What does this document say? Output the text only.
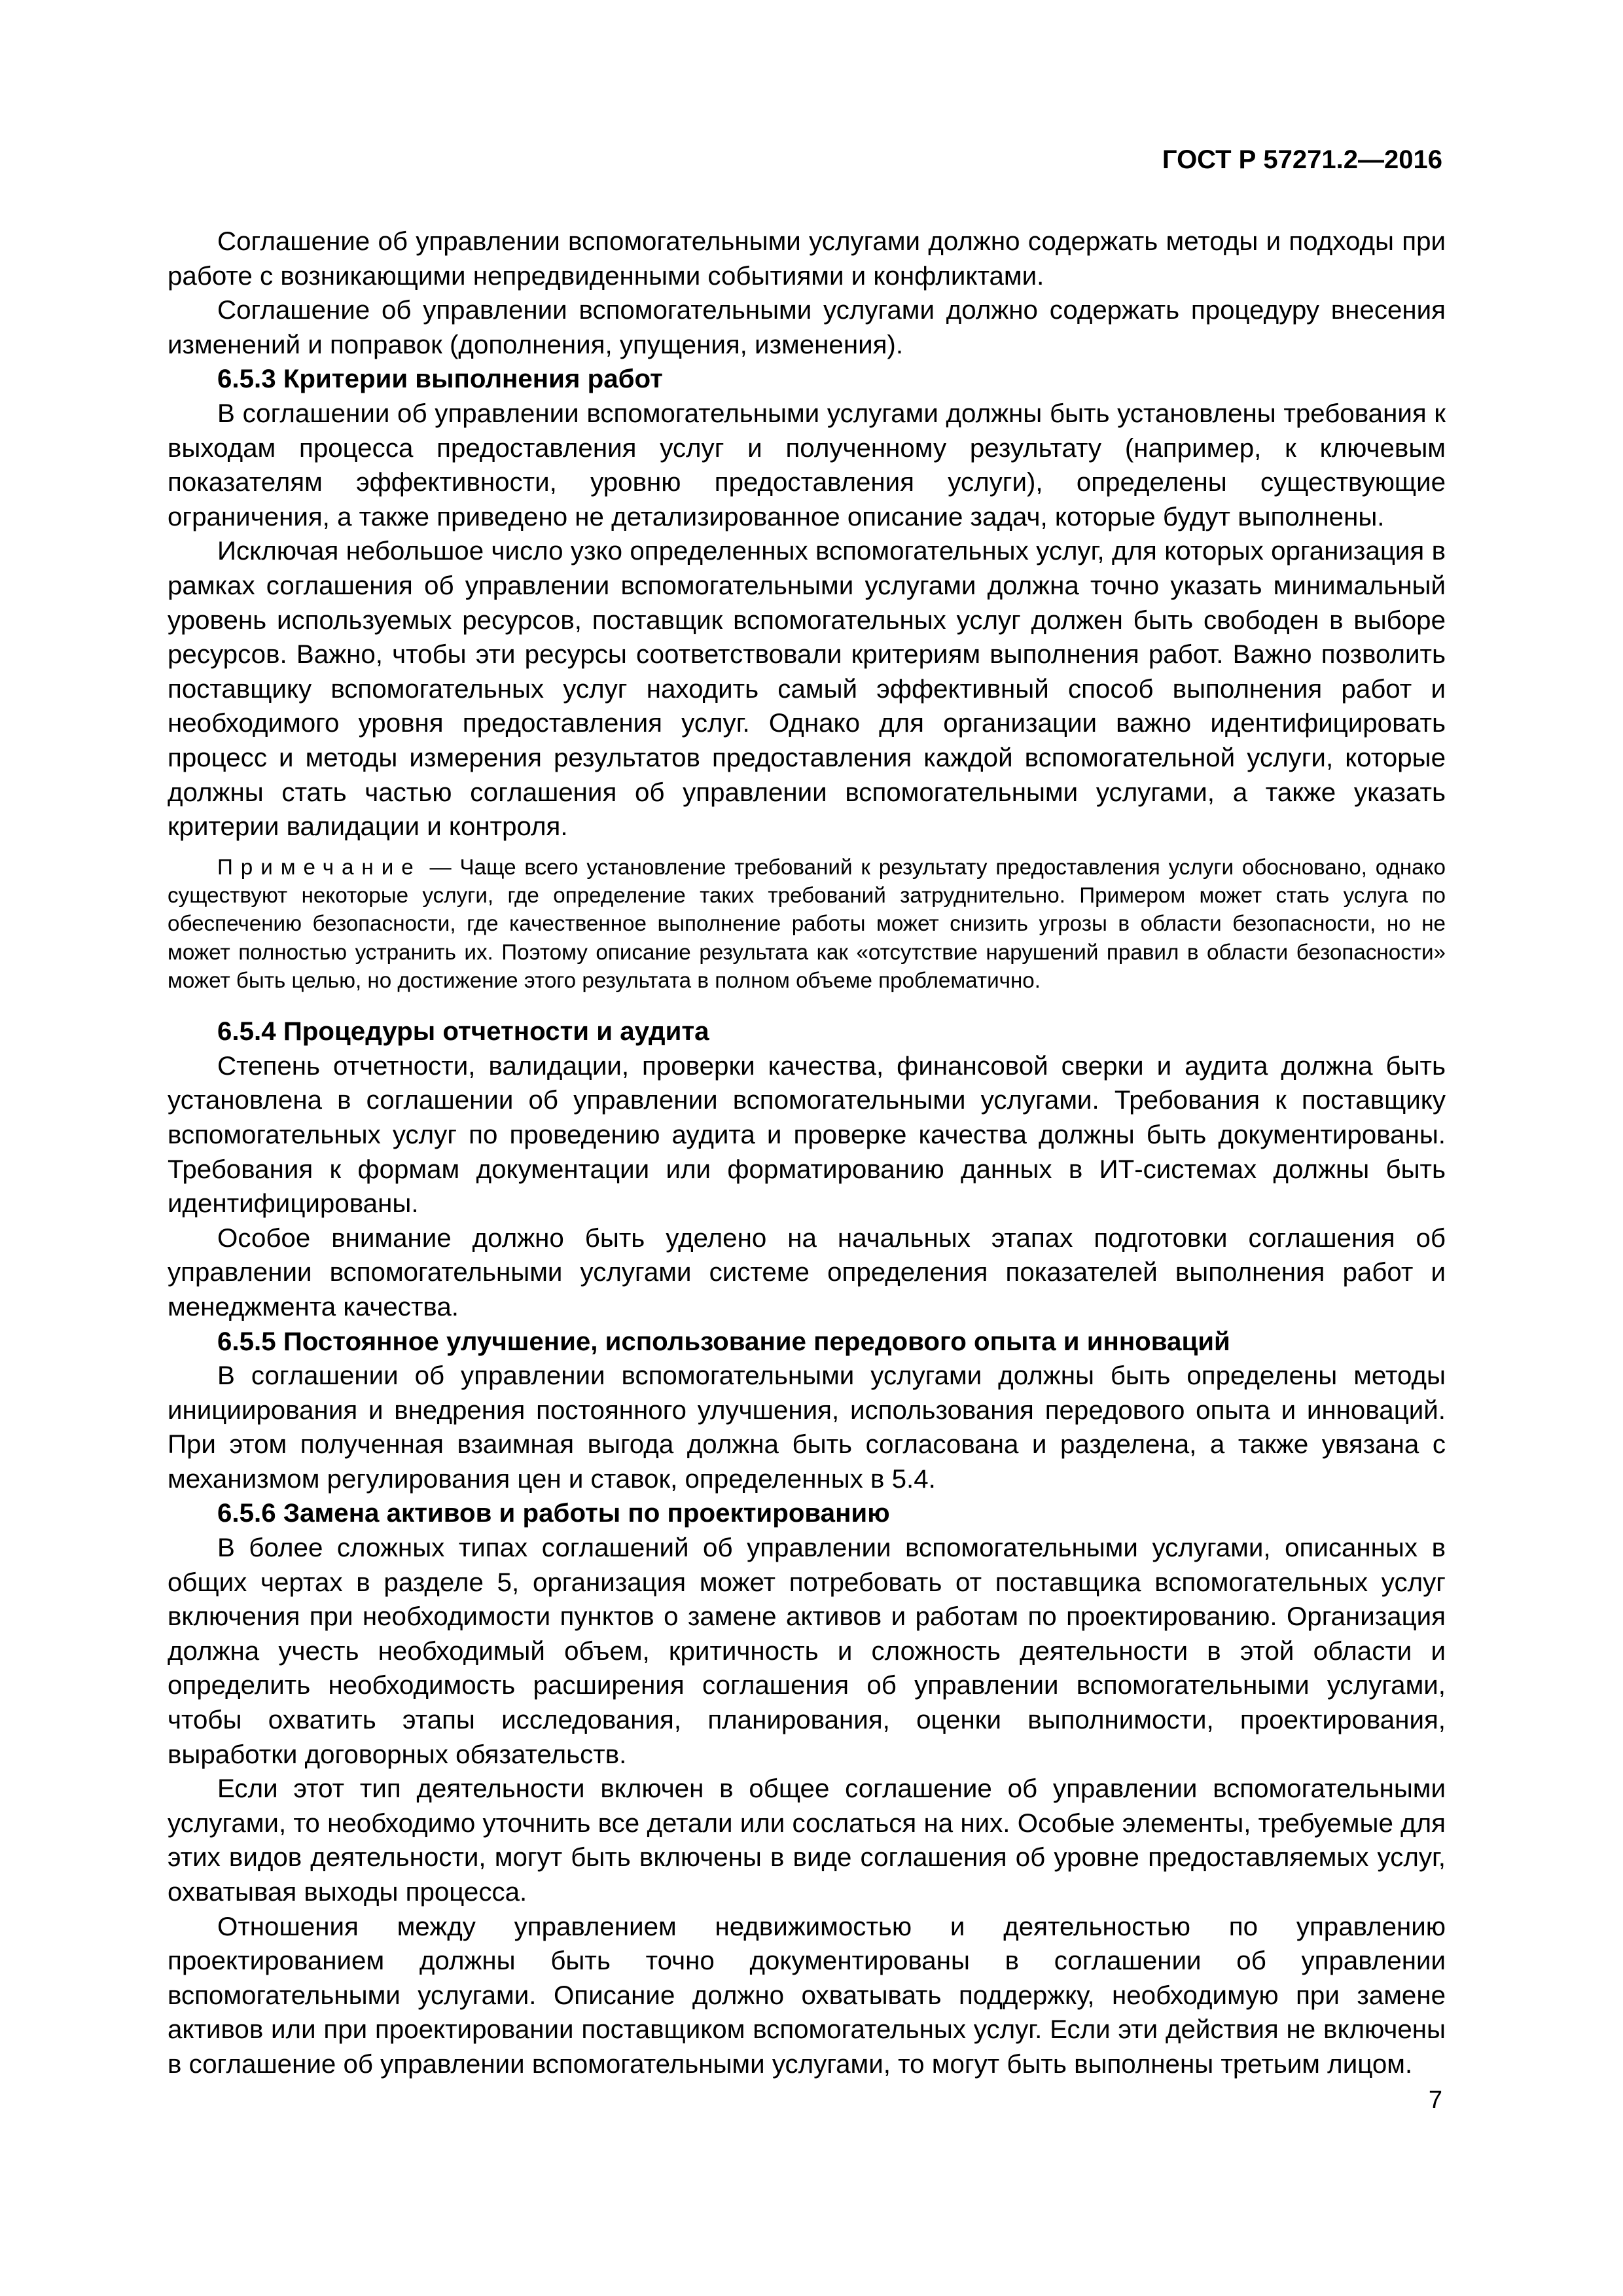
ГОСТ Р 57271.2—2016

Соглашение об управлении вспомогательными услугами должно содержать методы и подходы при работе с возникающими непредвиденными событиями и конфликтами.

Соглашение об управлении вспомогательными услугами должно содержать процедуру внесения изменений и поправок (дополнения, упущения, изменения).

6.5.3 Критерии выполнения работ

В соглашении об управлении вспомогательными услугами должны быть установлены требования к выходам процесса предоставления услуг и полученному результату (например, к ключевым показателям эффективности, уровню предоставления услуги), определены существующие ограничения, а также приведено не детализированное описание задач, которые будут выполнены.

Исключая небольшое число узко определенных вспомогательных услуг, для которых организация в рамках соглашения об управлении вспомогательными услугами должна точно указать минимальный уровень используемых ресурсов, поставщик вспомогательных услуг должен быть свободен в выборе ресурсов. Важно, чтобы эти ресурсы соответствовали критериям выполнения работ. Важно позволить поставщику вспомогательных услуг находить самый эффективный способ выполнения работ и необходимого уровня предоставления услуг. Однако для организации важно идентифицировать процесс и методы измерения результатов предоставления каждой вспомогательной услуги, которые должны стать частью соглашения об управлении вспомогательными услугами, а также указать критерии валидации и контроля.

Примечание — Чаще всего установление требований к результату предоставления услуги обосновано, однако существуют некоторые услуги, где определение таких требований затруднительно. Примером может стать услуга по обеспечению безопасности, где качественное выполнение работы может снизить угрозы в области безопасности, но не может полностью устранить их. Поэтому описание результата как «отсутствие нарушений правил в области безопасности» может быть целью, но достижение этого результата в полном объеме проблематично.

6.5.4 Процедуры отчетности и аудита

Степень отчетности, валидации, проверки качества, финансовой сверки и аудита должна быть установлена в соглашении об управлении вспомогательными услугами. Требования к поставщику вспомогательных услуг по проведению аудита и проверке качества должны быть документированы. Требования к формам документации или форматированию данных в ИТ-системах должны быть идентифицированы.

Особое внимание должно быть уделено на начальных этапах подготовки соглашения об управлении вспомогательными услугами системе определения показателей выполнения работ и менеджмента качества.

6.5.5 Постоянное улучшение, использование передового опыта и инноваций

В соглашении об управлении вспомогательными услугами должны быть определены методы инициирования и внедрения постоянного улучшения, использования передового опыта и инноваций. При этом полученная взаимная выгода должна быть согласована и разделена, а также увязана с механизмом регулирования цен и ставок, определенных в 5.4.

6.5.6 Замена активов и работы по проектированию

В более сложных типах соглашений об управлении вспомогательными услугами, описанных в общих чертах в разделе 5, организация может потребовать от поставщика вспомогательных услуг включения при необходимости пунктов о замене активов и работам по проектированию. Организация должна учесть необходимый объем, критичность и сложность деятельности в этой области и определить необходимость расширения соглашения об управлении вспомогательными услугами, чтобы охватить этапы исследования, планирования, оценки выполнимости, проектирования, выработки договорных обязательств.

Если этот тип деятельности включен в общее соглашение об управлении вспомогательными услугами, то необходимо уточнить все детали или сослаться на них. Особые элементы, требуемые для этих видов деятельности, могут быть включены в виде соглашения об уровне предоставляемых услуг, охватывая выходы процесса.

Отношения между управлением недвижимостью и деятельностью по управлению проектированием должны быть точно документированы в соглашении об управлении вспомогательными услугами. Описание должно охватывать поддержку, необходимую при замене активов или при проектировании поставщиком вспомогательных услуг. Если эти действия не включены в соглашение об управлении вспомогательными услугами, то могут быть выполнены третьим лицом.

7
